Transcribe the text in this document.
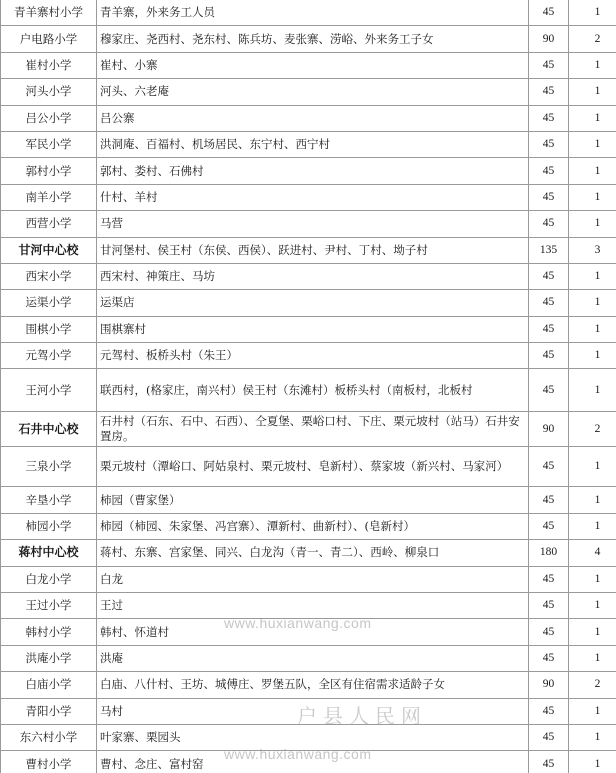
青羊寨村小学	青羊寨，外来务工人员	45	1
户电路小学	穆家庄、尧西村、尧东村、陈兵坊、麦张寨、涝峪、外来务工子女	90	2
崔村小学	崔村、小寨	45	1
河头小学	河头、六老庵	45	1
吕公小学	吕公寨	45	1
军民小学	洪洞庵、百福村、机场居民、东宁村、西宁村	45	1
郭村小学	郭村、娄村、石佛村	45	1
南羊小学	什村、羊村	45	1
西营小学	马营	45	1
甘河中心校	甘河堡村、侯王村（东侯、西侯）、跃进村、尹村、丁村、坳子村	135	3
西宋小学	西宋村、神策庄、马坊	45	1
运渠小学	运渠店	45	1
围棋小学	围棋寨村	45	1
元驾小学	元驾村、板桥头村（朱王）	45	1
王河小学	联西村，(格家庄，南兴村）侯王村（东滩村）板桥头村（南板村，北板村	45	1
石井中心校	石井村（石东、石中、石西）、仝夏堡、栗峪口村、下庄、栗元坡村（站马）石井安置房。	90	2
三泉小学	栗元坡村（潭峪口、阿姑泉村、栗元坡村、皂新村）、蔡家坡（新兴村、马家河）	45	1
辛垦小学	柿园（曹家堡）	45	1
柿园小学	柿园（柿园、朱家堡、冯宫寨）、潭新村、曲新村）、(皂新村）	45	1
蒋村中心校	蒋村、东寨、宫家堡、同兴、白龙沟（青一、青二）、西岭、柳泉口	180	4
白龙小学	白龙	45	1
王过小学	王过	45	1
韩村小学	韩村、怀道村	45	1
洪庵小学	洪庵	45	1
白庙小学	白庙、八什村、王坊、城傅庄、罗堡五队，全区有住宿需求适龄子女	90	2
青阳小学	马村	45	1
东六村小学	叶家寨、栗园头	45	1
曹村小学	曹村、念庄、富村窑	45	1
www.huxianwang.com
户县人民网
www.huxianwang.com
